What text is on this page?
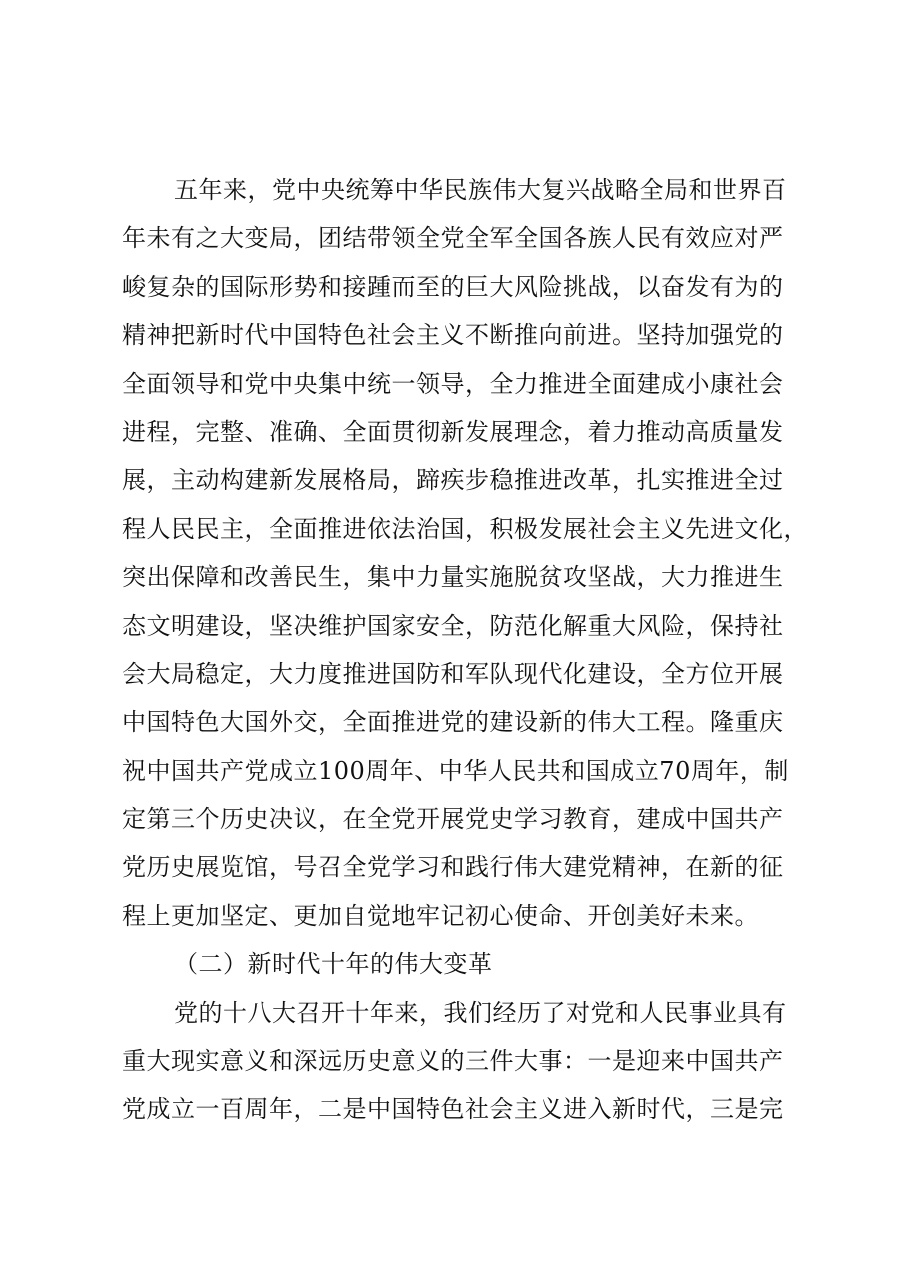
五年来，党中央统筹中华民族伟大复兴战略全局和世界百
年未有之大变局，团结带领全党全军全国各族人民有效应对严
峻复杂的国际形势和接踵而至的巨大风险挑战，以奋发有为的
精神把新时代中国特色社会主义不断推向前进。坚持加强党的
全面领导和党中央集中统一领导，全力推进全面建成小康社会
进程，完整、准确、全面贯彻新发展理念，着力推动高质量发
展，主动构建新发展格局，蹄疾步稳推进改革，扎实推进全过
程人民民主，全面推进依法治国，积极发展社会主义先进文化，
突出保障和改善民生，集中力量实施脱贫攻坚战，大力推进生
态文明建设，坚决维护国家安全，防范化解重大风险，保持社
会大局稳定，大力度推进国防和军队现代化建设，全方位开展
中国特色大国外交，全面推进党的建设新的伟大工程。隆重庆
祝中国共产党成立100周年、中华人民共和国成立70周年，制
定第三个历史决议，在全党开展党史学习教育，建成中国共产
党历史展览馆，号召全党学习和践行伟大建党精神，在新的征
程上更加坚定、更加自觉地牢记初心使命、开创美好未来。
（二）新时代十年的伟大变革
党的十八大召开十年来，我们经历了对党和人民事业具有
重大现实意义和深远历史意义的三件大事：一是迎来中国共产
党成立一百周年，二是中国特色社会主义进入新时代，三是完
